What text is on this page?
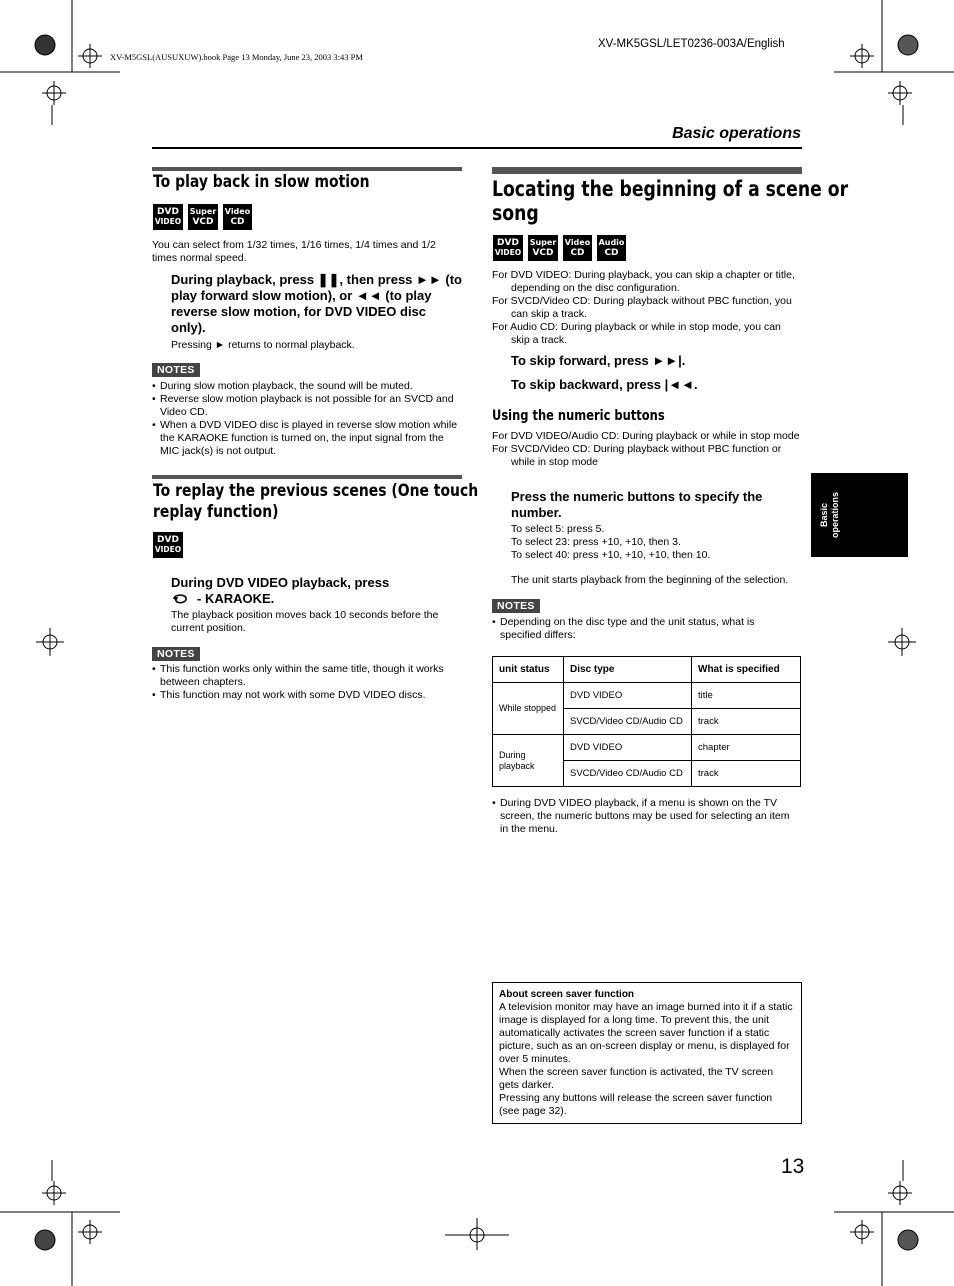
XV-M5GSL(AUSUXUW).book Page 13 Monday, June 23, 2003 3:43 PM
XV-MK5GSL/LET0236-003A/English
Basic operations
Basic operations
To play back in slow motion
DVD
VIDEO
Super
VCD
Video
CD
You can select from 1/32 times, 1/16 times, 1/4 times and 1/2 times normal speed.
During playback, press ❚❚, then press ►► (to play forward slow motion), or ◄◄ (to play reverse slow motion, for DVD VIDEO disc only).
Pressing ► returns to normal playback.
NOTES
• During slow motion playback, the sound will be muted.
• Reverse slow motion playback is not possible for an SVCD and Video CD.
• When a DVD VIDEO disc is played in reverse slow motion while the KARAOKE function is turned on, the input signal from the MIC jack(s) is not output.
To replay the previous scenes (One touch
replay function)
DVD
VIDEO
During DVD VIDEO playback, press
- KARAOKE.
The playback position moves back 10 seconds before the current position.
NOTES
• This function works only within the same title, though it works between chapters.
• This function may not work with some DVD VIDEO discs.
Locating the beginning of a scene or
song
DVD
VIDEO
Super
VCD
Video
CD
Audio
CD

For DVD VIDEO: During playback, you can skip a chapter or title, depending on the disc configuration.

For SVCD/Video CD: During playback without PBC function, you can skip a track.

For Audio CD: During playback or while in stop mode, you can skip a track.

To skip forward, press ►►|.
To skip backward, press |◄◄.
Using the numeric buttons

For DVD VIDEO/Audio CD: During playback or while in stop mode

For SVCD/Video CD: During playback without PBC function or while in stop mode

Press the numeric buttons to specify the number.
To select 5: press 5.
To select 23: press +10, +10, then 3.
To select 40: press +10, +10, +10, then 10.
The unit starts playback from the beginning of the selection.
NOTES
• Depending on the disc type and the unit status, what is specified differs:
unit status	Disc type	What is specified
While stopped	DVD VIDEO	title
	SVCD/Video CD/Audio CD	track
During playback	DVD VIDEO	chapter
	SVCD/Video CD/Audio CD	track
• During DVD VIDEO playback, if a menu is shown on the TV screen, the numeric buttons may be used for selecting an item in the menu.
About screen saver function
A television monitor may have an image burned into it if a static image is displayed for a long time. To prevent this, the unit automatically activates the screen saver function if a static picture, such as an on-screen display or menu, is displayed for over 5 minutes.
When the screen saver function is activated, the TV screen gets darker.
Pressing any buttons will release the screen saver function (see page 32).
13
